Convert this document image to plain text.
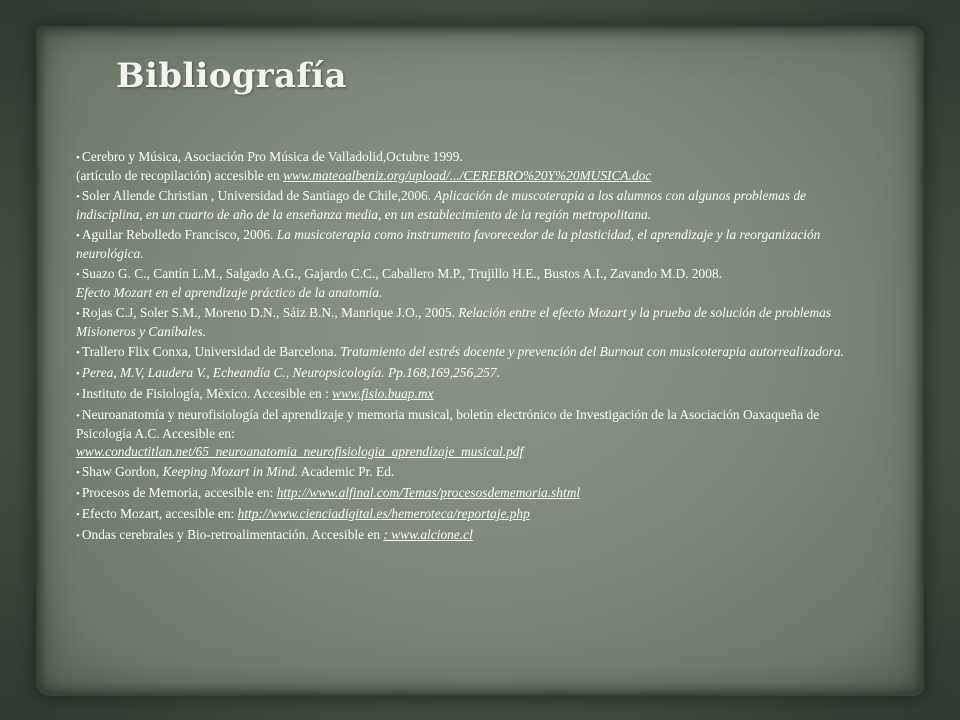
Bibliografía
• Cerebro y Música, Asociación Pro Música de Valladolid,Octubre 1999.
(artículo de recopilación) accesible en www.mateoalbeniz.org/upload/.../CEREBRO%20Y%20MUSICA.doc
• Soler Allende Christian , Universidad de Santiago de Chile,2006. Aplicación de muscoterapia a los alumnos con algunos problemas de indisciplina, en un cuarto de año de la enseñanza media, en un establecimiento de la región metropolitana.
• Aguilar Rebolledo Francisco, 2006. La musicoterapia como instrumento favorecedor de la plasticidad, el aprendizaje y la reorganización neurológica.
• Suazo G. C., Cantín L.M., Salgado A.G., Gajardo C.C., Caballero M.P., Trujillo H.E., Bustos A.I., Zavando M.D. 2008.
Efecto Mozart en el aprendizaje práctico de la anatomía.
• Rojas C.J, Soler S.M., Moreno D.N., Sáiz B.N., Manrique J.O., 2005. Relación entre el efecto Mozart y la prueba de solución de problemas Misioneros y Caníbales.
• Trallero Flix Conxa, Universidad de Barcelona. Tratamiento del estrés docente y prevención del Burnout con musicoterapia autorrealizadora.
• Perea, M.V, Laudera V., Echeandía C., Neuropsicología. Pp.168,169,256,257.
• Instituto de Fisiología, Mèxico. Accesible en : www.fisio.buap.mx
• Neuroanatomía y neurofisiología del aprendizaje y memoria musical, boletín electrónico de Investigación de la Asociación Oaxaqueña de Psicología A.C. Accesible en:
www.conductitlan.net/65_neuroanatomia_neurofisiologia_aprendizaje_musical.pdf
• Shaw Gordon, Keeping Mozart in Mind. Academic Pr. Ed.
• Procesos de Memoria, accesible en: http://www.alfinal.com/Temas/procesosdememoria.shtml
• Efecto Mozart, accesible en: http://www.cienciadigital.es/hemeroteca/reportaje.php
• Ondas cerebrales y Bio-retroalimentación. Accesible en : www.alcione.cl
